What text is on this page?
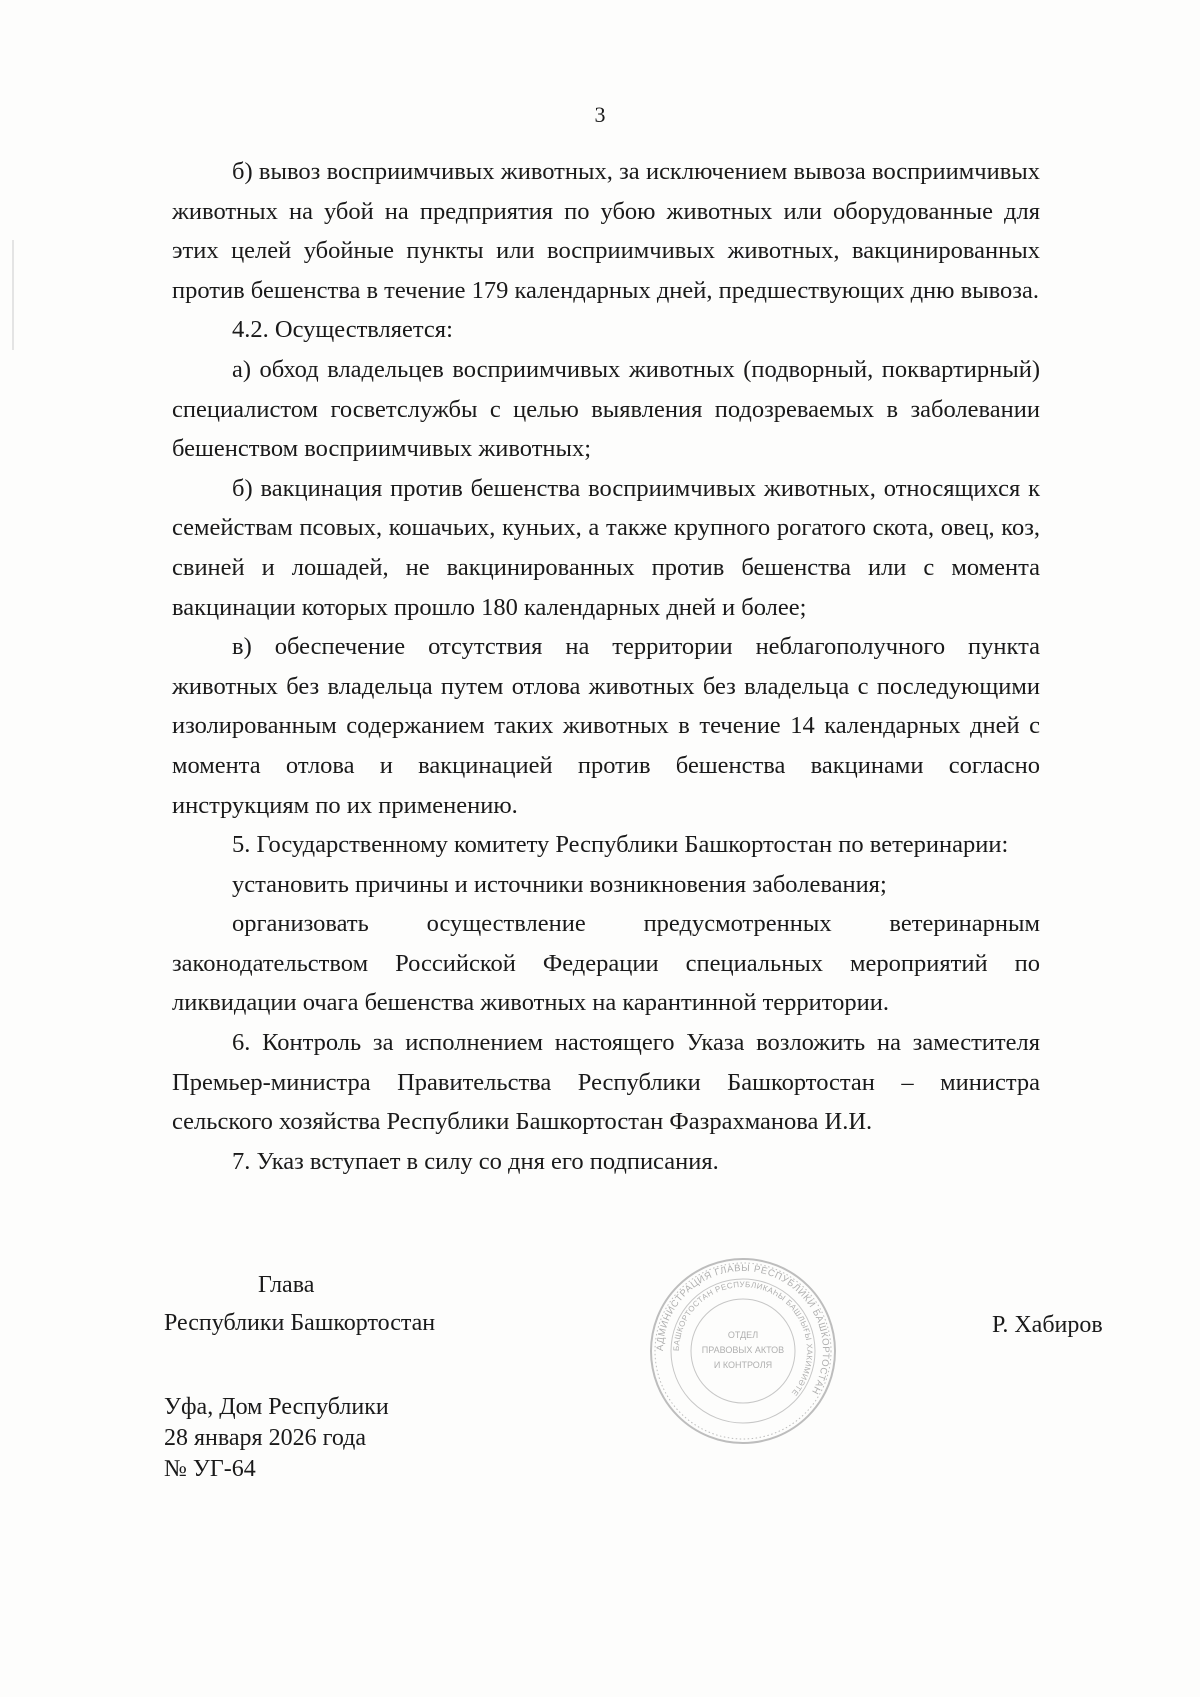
3

б) вывоз восприимчивых животных, за исключением вывоза восприимчивых животных на убой на предприятия по убою животных или оборудованные для этих целей убойные пункты или восприимчивых животных, вакцинированных против бешенства в течение 179 календарных дней, предшествующих дню вывоза.

4.2. Осуществляется:

а) обход владельцев восприимчивых животных (подворный, поквартирный) специалистом госветслужбы с целью выявления подозреваемых в заболевании бешенством восприимчивых животных;

б) вакцинация против бешенства восприимчивых животных, относящихся к семействам псовых, кошачьих, куньих, а также крупного рогатого скота, овец, коз, свиней и лошадей, не вакцинированных против бешенства или с момента вакцинации которых прошло 180 календарных дней и более;

в) обеспечение отсутствия на территории неблагополучного пункта животных без владельца путем отлова животных без владельца с последующими изолированным содержанием таких животных в течение 14 календарных дней с момента отлова и вакцинацией против бешенства вакцинами согласно инструкциям по их применению.

5. Государственному комитету Республики Башкортостан по ветеринарии:

установить причины и источники возникновения заболевания;

организовать осуществление предусмотренных ветеринарным законодательством Российской Федерации специальных мероприятий по ликвидации очага бешенства животных на карантинной территории.

6. Контроль за исполнением настоящего Указа возложить на заместителя Премьер-министра Правительства Республики Башкортостан – министра сельского хозяйства Республики Башкортостан Фазрахманова И.И.

7. Указ вступает в силу со дня его подписания.

Глава
Республики Башкортостан	Р. Хабиров
АДМИНИСТРАЦИЯ ГЛАВЫ РЕСПУБЛИКИ БАШКОРТОСТАН
БАШКОРТОСТАН РЕСПУБЛИКАҺЫ БАШЛЫҒЫ ХАКИМИӘТЕ
ОТДЕЛ
ПРАВОВЫХ АКТОВ
И КОНТРОЛЯ
Уфа, Дом Республики
28 января 2026 года
№ УГ-64
